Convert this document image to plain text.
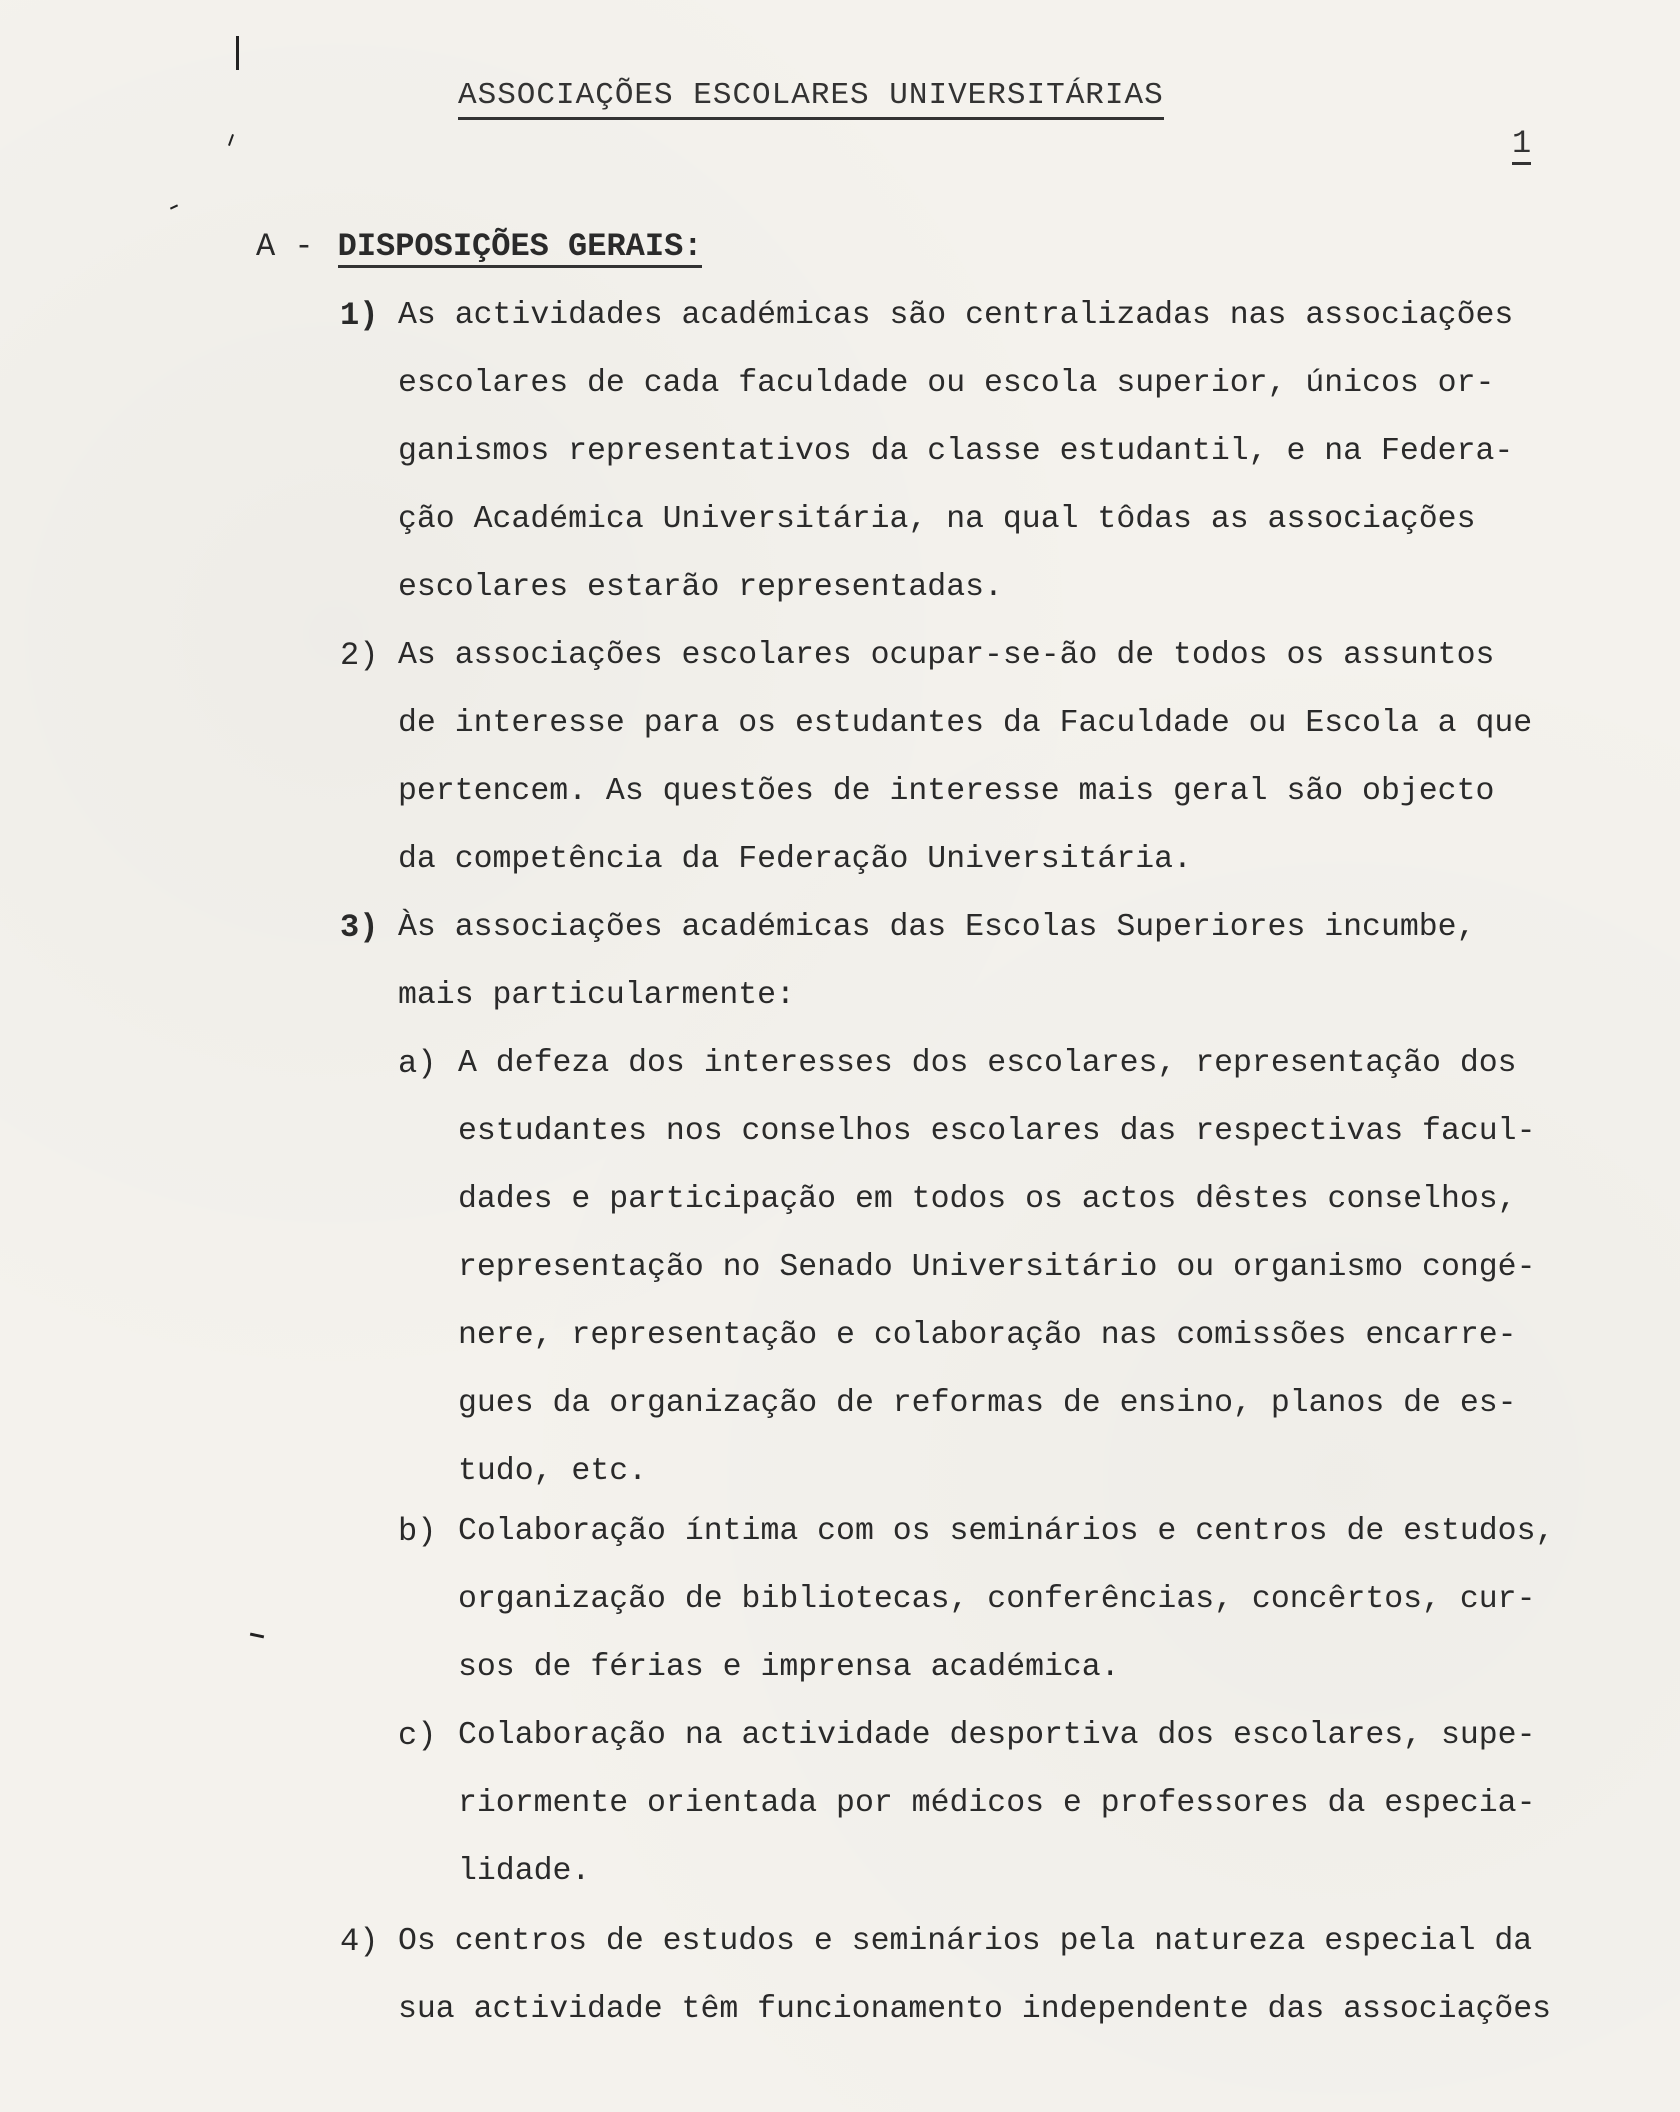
ASSOCIAÇÕES ESCOLARES UNIVERSITÁRIAS
1
A - DISPOSIÇÕES GERAIS:
1) As actividades académicas são centralizadas nas associações
escolares de cada faculdade ou escola superior, únicos or-
ganismos representativos da classe estudantil, e na Federa-
ção Académica Universitária, na qual tôdas as associações
escolares estarão representadas.
2) As associações escolares ocupar-se-ão de todos os assuntos
de interesse para os estudantes da Faculdade ou Escola a que
pertencem. As questões de interesse mais geral são objecto
da competência da Federação Universitária.
3) Às associações académicas das Escolas Superiores incumbe,
mais particularmente:
a) A defeza dos interesses dos escolares, representação dos
estudantes nos conselhos escolares das respectivas facul-
dades e participação em todos os actos dêstes conselhos,
representação no Senado Universitário ou organismo congé-
nere, representação e colaboração nas comissões encarre-
gues da organização de reformas de ensino, planos de es-
tudo, etc.
b) Colaboração íntima com os seminários e centros de estudos,
organização de bibliotecas, conferências, concêrtos, cur-
sos de férias e imprensa académica.
c) Colaboração na actividade desportiva dos escolares, supe-
riormente orientada por médicos e professores da especia-
lidade.
4) Os centros de estudos e seminários pela natureza especial da
sua actividade têm funcionamento independente das associações
